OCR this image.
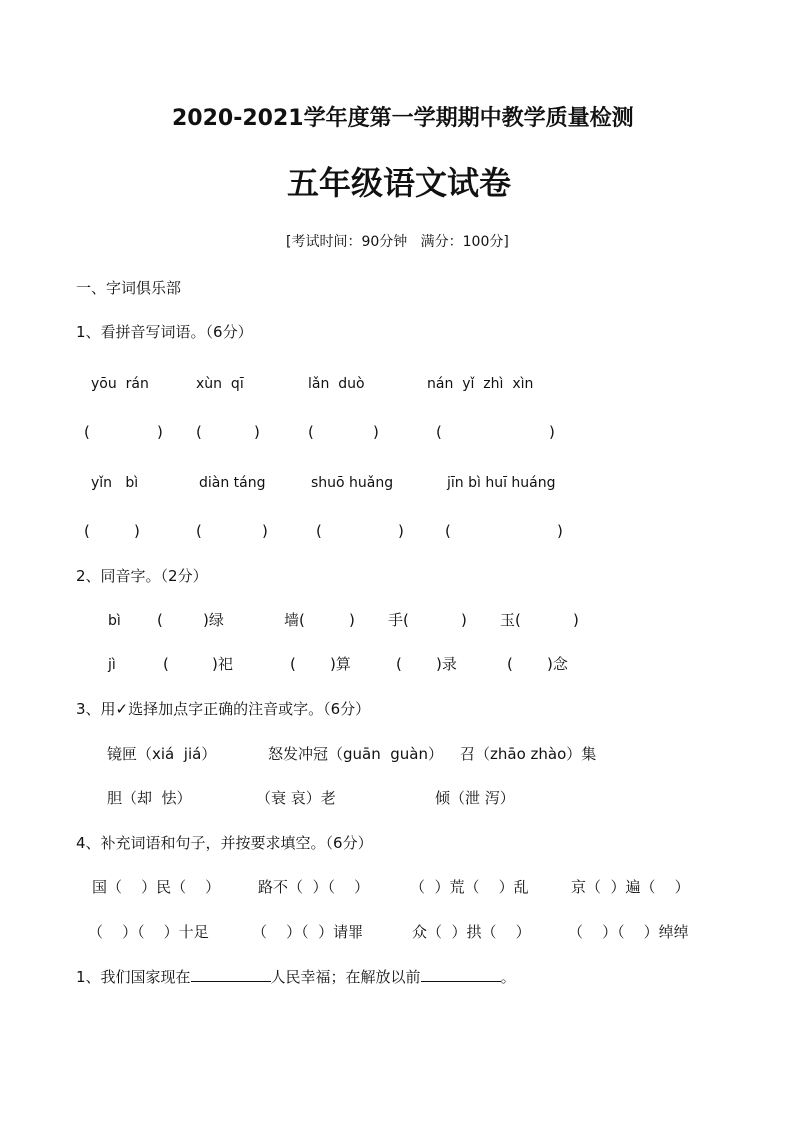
2020-2021学年度第一学期期中教学质量检测
五年级语文试卷
[考试时间：90分钟   满分：100分]
一、字词俱乐部
1、看拼音写词语。（6分）
yōu  rán	xùn  qī	lǎn  duò	nán  yǐ  zhì  xìn
(	) (	)	(	)	(	)
yǐn   bì	diàn táng	shuō huǎng	jīn bì huī huáng
(	)	(	)	(	)	(	)
2、同音字。（2分）
bì (	)绿	墙(	) 手(	) 玉(	)
jì	(	)祀	( )算	( )录	( )念
3、用✓选择加点字正确的注音或字。（6分）
镜匣（xiá  jiá）	怒发冲冠（guān  guàn） 召（zhāo zhào）集
胆（却  怯）	（衰 哀）老	倾（泄 泻）
4、补充词语和句子，并按要求填空。（6分）
国（    ）民（    ）	路不（  ）（    ）	（  ）荒（    ）乱	京（  ）遍（    ）
（    ）（    ）十足	（    ）（  ）请罪	众（  ）拱（    ） （    ）（    ）绰绰
1、我们国家现在	人民幸福；在解放以前	。
